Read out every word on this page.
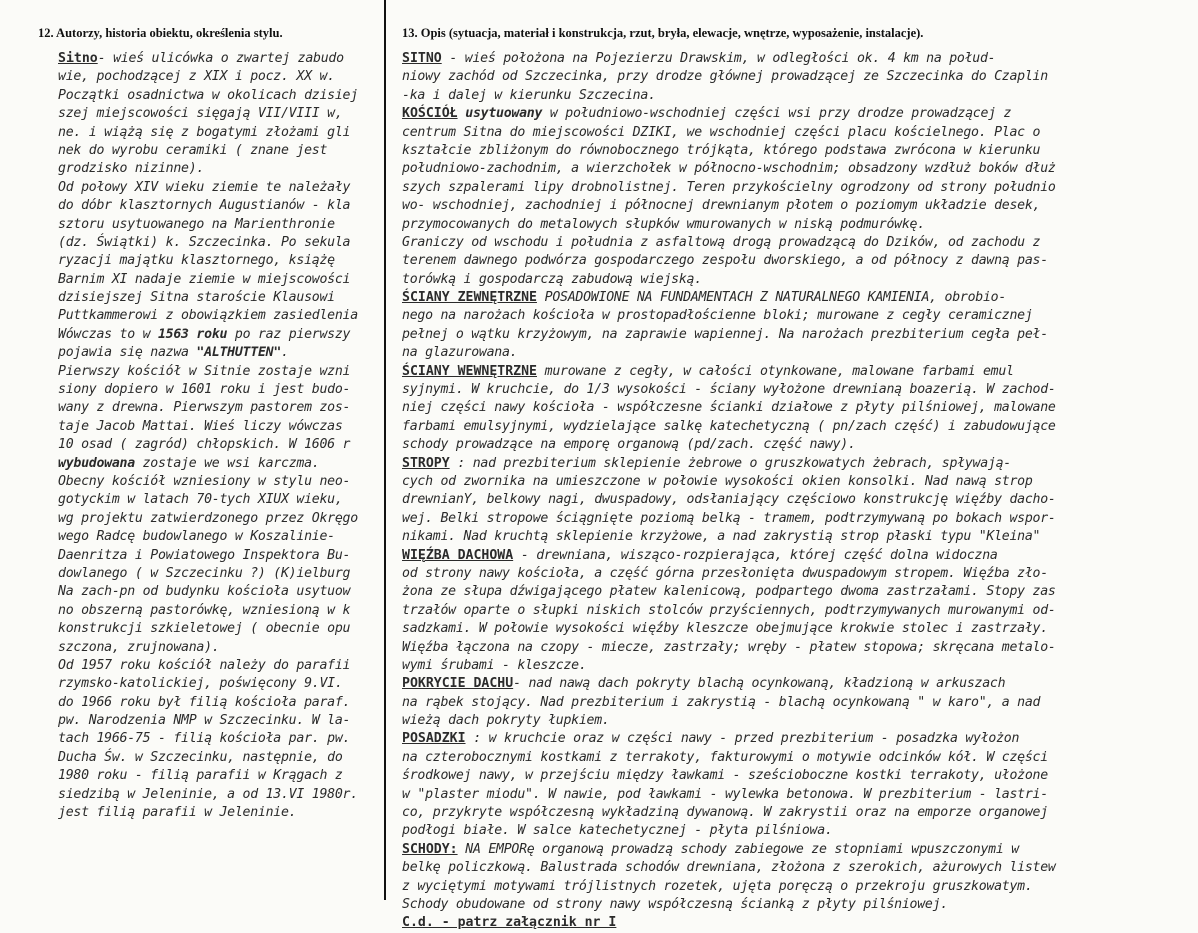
12. Autorzy, historia obiektu, określenia stylu.	13. Opis (sytuacja, materiał i konstrukcja, rzut, bryła, elewacje, wnętrze, wyposażenie, instalacje).
Sitno- wieś ulicówka o zwartej zabudo
wie, pochodzącej z XIX i pocz. XX w.
Początki osadnictwa w okolicach dzisiej
szej miejscowości sięgają VII/VIII w,
ne. i wiążą się z bogatymi złożami gli
nek do wyrobu ceramiki ( znane jest
grodzisko nizinne).
Od połowy XIV wieku ziemie te należały
do dóbr klasztornych Augustianów - kla
sztoru usytuowanego na Marienthronie
(dz. Świątki) k. Szczecinka. Po sekula
ryzacji majątku klasztornego, książę
Barnim XI nadaje ziemie w miejscowości
dzisiejszej Sitna staroście Klausowi
Puttkammerowi z obowiązkiem zasiedlenia
Wówczas to w 1563 roku po raz pierwszy
pojawia się nazwa "ALTHUTTEN".
Pierwszy kościół w Sitnie zostaje wzni
siony dopiero w 1601 roku i jest budo-
wany z drewna. Pierwszym pastorem zos-
taje Jacob Mattai. Wieś liczy wówczas
10 osad ( zagród) chłopskich. W 1606 r
wybudowana zostaje we wsi karczma.
Obecny kościół wzniesiony w stylu neo-
gotyckim w latach 70-tych XIUX wieku,
wg projektu zatwierdzonego przez Okręgo
wego Radcę budowlanego w Koszalinie-
Daenritza i Powiatowego Inspektora Bu-
dowlanego ( w Szczecinku ?) (K)ielburg
Na zach-pn od budynku kościoła usytuow
no obszerną pastorówkę, wzniesioną w k
konstrukcji szkieletowej ( obecnie opu
szczona, zrujnowana).
Od 1957 roku kościół należy do parafii
rzymsko-katolickiej, poświęcony 9.VI.
do 1966 roku był filią kościoła paraf.
pw. Narodzenia NMP w Szczecinku. W la-
tach 1966-75 - filią kościoła par. pw.
Ducha Św. w Szczecinku, następnie, do
1980 roku - filią parafii w Krągach z
siedzibą w Jeleninie, a od 13.VI 1980r.
jest filią parafii w Jeleninie.
SITNO - wieś położona na Pojezierzu Drawskim, w odległości ok. 4 km na połud-
niowy zachód od Szczecinka, przy drodze głównej prowadzącej ze Szczecinka do Czaplin
-ka i dalej w kierunku Szczecina.
KOŚCIÓŁ usytuowany w południowo-wschodniej części wsi przy drodze prowadzącej z
centrum Sitna do miejscowości DZIKI, we wschodniej części placu kościelnego. Plac o
kształcie zbliżonym do równobocznego trójkąta, którego podstawa zwrócona w kierunku
południowo-zachodnim, a wierzchołek w północno-wschodnim; obsadzony wzdłuż boków dłuż
szych szpalerami lipy drobnolistnej. Teren przykościelny ogrodzony od strony południo
wo- wschodniej, zachodniej i północnej drewnianym płotem o poziomym układzie desek,
przymocowanych do metalowych słupków wmurowanych w niską podmurówkę.
Graniczy od wschodu i południa z asfaltową drogą prowadzącą do Dzików, od zachodu z
terenem dawnego podwórza gospodarczego zespołu dworskiego, a od północy z dawną pas-
torówką i gospodarczą zabudową wiejską.
ŚCIANY ZEWNĘTRZNE POSADOWIONE NA FUNDAMENTACH Z NATURALNEGO KAMIENIA, obrobio-
nego na narożach kościoła w prostopadłościenne bloki; murowane z cegły ceramicznej
pełnej o wątku krzyżowym, na zaprawie wapiennej. Na narożach prezbiterium cegła peł-
na glazurowana.
ŚCIANY WEWNĘTRZNE murowane z cegły, w całości otynkowane, malowane farbami emul
syjnymi. W kruchcie, do 1/3 wysokości - ściany wyłożone drewnianą boazerią. W zachod-
niej części nawy kościoła - współczesne ścianki działowe z płyty pilśniowej, malowane
farbami emulsyjnymi, wydzielające salkę katechetyczną ( pn/zach część) i zabudowujące
schody prowadzące na emporę organową (pd/zach. część nawy).
STROPY : nad prezbiterium sklepienie żebrowe o gruszkowatych żebrach, spływają-
cych od zwornika na umieszczone w połowie wysokości okien konsolki. Nad nawą strop
drewnianY, belkowy nagi, dwuspadowy, odsłaniający częściowo konstrukcję więźby dacho-
wej. Belki stropowe ściągnięte poziomą belką - tramem, podtrzymywaną po bokach wspor-
nikami. Nad kruchtą sklepienie krzyżowe, a nad zakrystią strop płaski typu "Kleina"
WIĘŹBA DACHOWA - drewniana, wisząco-rozpierająca, której część dolna widoczna
od strony nawy kościoła, a część górna przesłonięta dwuspadowym stropem. Więźba zło-
żona ze słupa dźwigającego płatew kalenicową, podpartego dwoma zastrzałami. Stopy zas
trzałów oparte o słupki niskich stolców przyściennych, podtrzymywanych murowanymi od-
sadzkami. W połowie wysokości więźby kleszcze obejmujące krokwie stolec i zastrzały.
Więźba łączona na czopy - miecze, zastrzały; wręby - płatew stopowa; skręcana metalo-
wymi śrubami - kleszcze.
POKRYCIE DACHU- nad nawą dach pokryty blachą ocynkowaną, kładzioną w arkuszach
na rąbek stojący. Nad prezbiterium i zakrystią - blachą ocynkowaną " w karo", a nad
wieżą dach pokryty łupkiem.
POSADZKI : w kruchcie oraz w części nawy - przed prezbiterium - posadzka wyłożon
na czterobocznymi kostkami z terrakoty, fakturowymi o motywie odcinków kół. W części
środkowej nawy, w przejściu między ławkami - sześcioboczne kostki terrakoty, ułożone
w "plaster miodu". W nawie, pod ławkami - wylewka betonowa. W prezbiterium - lastri-
co, przykryte współczesną wykładziną dywanową. W zakrystii oraz na emporze organowej
podłogi białe. W salce katechetycznej - płyta pilśniowa.
SCHODY: NA EMPORę organową prowadzą schody zabiegowe ze stopniami wpuszczonymi w
belkę policzkową. Balustrada schodów drewniana, złożona z szerokich, ażurowych listew
z wyciętymi motywami trójlistnych rozetek, ujęta poręczą o przekroju gruszkowatym.
Schody obudowane od strony nawy współczesną ścianką z płyty pilśniowej.
C.d. - patrz załącznik nr I
